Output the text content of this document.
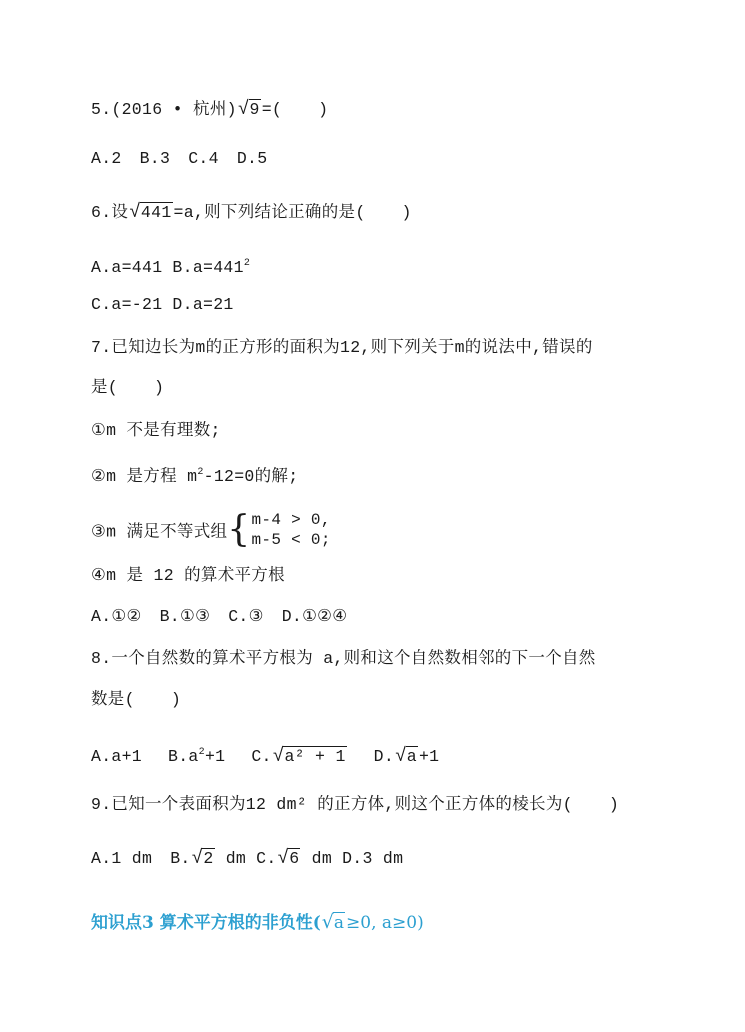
5.(2016 • 杭州) √ 9 =( )
A.2 B.3 C.4 D.5
6.设 √ 441 =a,则下列结论正确的是( )
A.a=441 $B.a=441^2$
C.a=-21 D.a=21
7.已知边长为m的正方形的面积为12,则下列关于m的说法中,错误的
是( )
①m 不是有理数;
②m 是方程 $m^2-12=0$的解;
③m 满足不等式组 { m-4 > 0,
m-5 < 0;
④m 是 12 的算术平方根
A.①② B.①③ C.③ D.①②④
8.一个自然数的算术平方根为 a,则和这个自然数相邻的下一个自然
数是( )
A.a+1 $B.a^2+1$ C. √ a² + 1 D. √ a +1
9.已知一个表面积为12 dm² 的正方体,则这个正方体的棱长为( )
A.1 dm B. √ 2 dm C. √ 6 dm D.3 dm
知识点3 算术平方根的非负性( √ a ≥0, a≥0)
